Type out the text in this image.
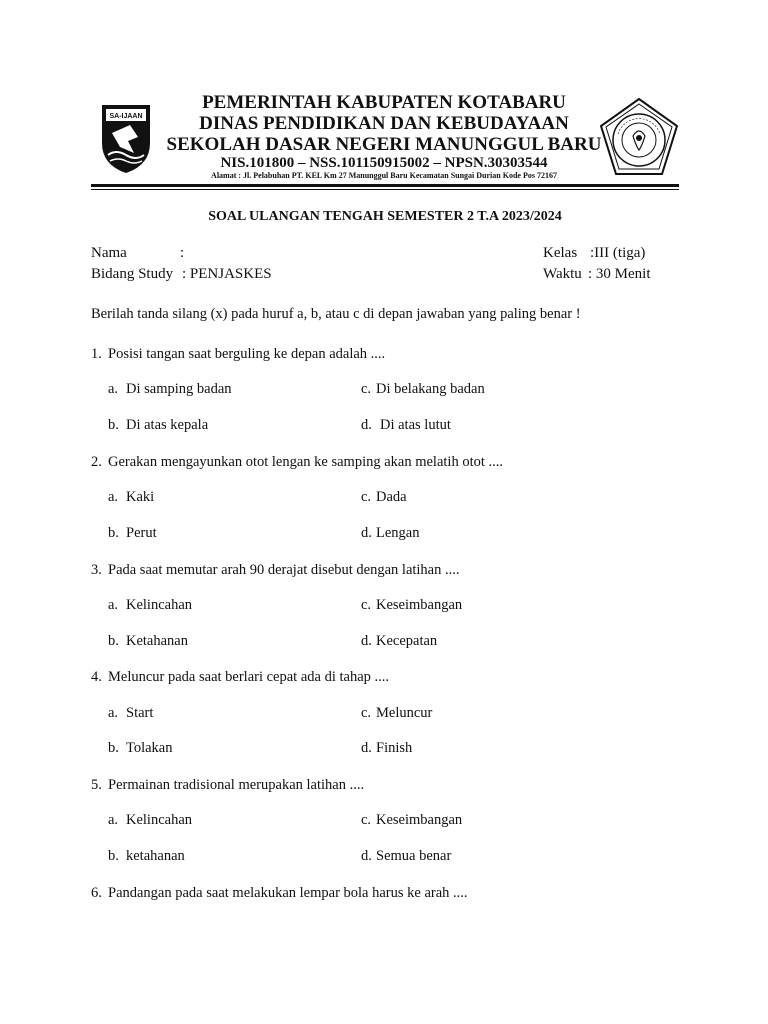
SA-IJAAN
PEMERINTAH KABUPATEN KOTABARU
DINAS PENDIDIKAN DAN KEBUDAYAAN
SEKOLAH DASAR NEGERI MANUNGGUL BARU
NIS.101800 – NSS.101150915002 – NPSN.30303544
Alamat : Jl. Pelabuhan PT. KEL Km 27 Manunggul Baru Kecamatan Sungai Durian Kode Pos 72167
SOAL ULANGAN TENGAH SEMESTER 2 T.A 2023/2024
Nama	:
Bidang Study : PENJASKES
Kelas :III (tiga)
Waktu : 30 Menit
Berilah tanda silang (x) pada huruf a, b, atau c di depan jawaban yang paling benar !
1. Posisi tangan saat berguling ke depan adalah ....
a. Di samping badan
b. Di atas kepala
c. Di belakang badan
d. Di atas lutut
2. Gerakan mengayunkan otot lengan ke samping akan melatih otot ....
a. Kaki
b. Perut
c. Dada
d. Lengan
3. Pada saat memutar arah 90 derajat disebut dengan latihan ....
a. Kelincahan
b. Ketahanan
c. Keseimbangan
d. Kecepatan
4. Meluncur pada saat berlari cepat ada di tahap ....
a. Start
b. Tolakan
c. Meluncur
d. Finish
5. Permainan tradisional merupakan latihan ....
a. Kelincahan
b. ketahanan
c. Keseimbangan
d. Semua benar
6. Pandangan pada saat melakukan lempar bola harus ke arah ....
